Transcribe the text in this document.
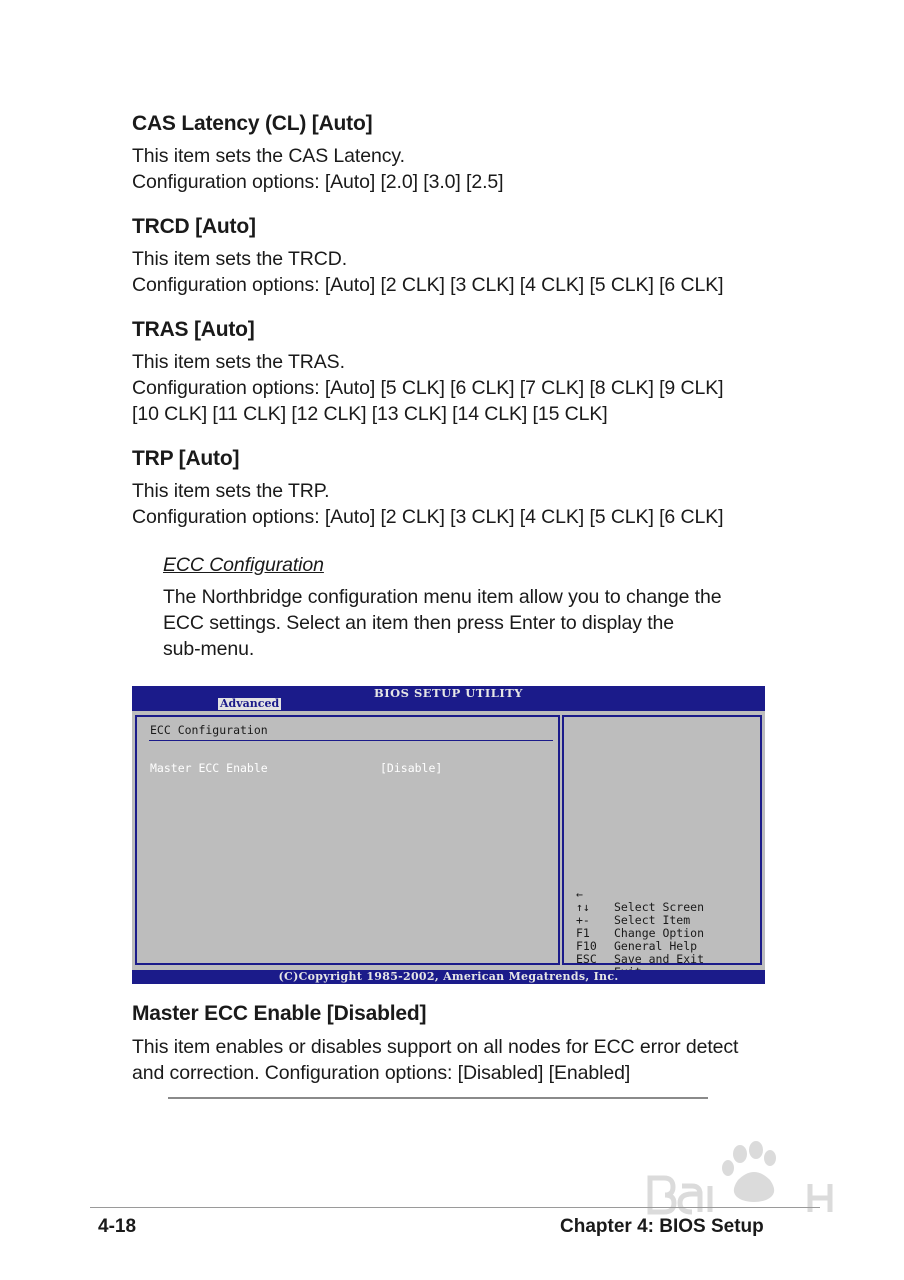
CAS Latency (CL) [Auto]
This item sets the CAS Latency.
Configuration options: [Auto] [2.0] [3.0] [2.5]
TRCD [Auto]
This item sets the TRCD.
Configuration options: [Auto] [2 CLK] [3 CLK] [4 CLK] [5 CLK] [6 CLK]
TRAS [Auto]
This item sets the TRAS.
Configuration options: [Auto] [5 CLK] [6 CLK] [7 CLK] [8 CLK] [9 CLK]
[10 CLK] [11 CLK] [12 CLK] [13 CLK] [14 CLK] [15 CLK]
TRP [Auto]
This item sets the TRP.
Configuration options: [Auto] [2 CLK] [3 CLK] [4 CLK] [5 CLK] [6 CLK]
ECC Configuration
The Northbridge configuration menu item allow you to change the
ECC settings. Select an item then press Enter to display the
sub-menu.
BIOS SETUP UTILITY
Advanced
ECC Configuration
Master ECC Enable	[Disable]

←

Select Screen

↑↓

Select Item

+-

Change Option

F1

General Help

F10

Save and Exit

ESC

(C)Copyright 1985-2002, American Megatrends, Inc.
Master ECC Enable [Disabled]
This item enables or disables support on all nodes for ECC error detect
and correction. Configuration options: [Disabled] [Enabled]
4-18	Chapter 4: BIOS Setup
